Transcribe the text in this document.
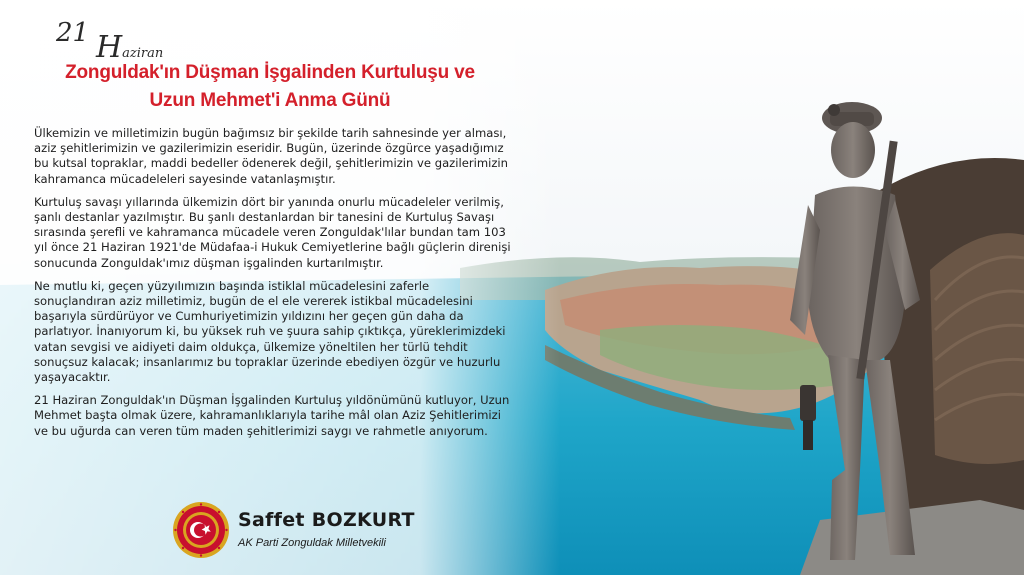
21 Haziran
Zonguldak'ın Düşman İşgalinden Kurtuluşu ve
Uzun Mehmet'i Anma Günü

Ülkemizin ve milletimizin bugün bağımsız bir şekilde tarih sahnesinde yer alması, aziz şehitlerimizin ve gazilerimizin eseridir. Bugün, üzerinde özgürce yaşadığımız bu kutsal topraklar, maddi bedeller ödenerek değil, şehitlerimizin ve gazilerimizin kahramanca mücadeleleri sayesinde vatanlaşmıştır.

Kurtuluş savaşı yıllarında ülkemizin dört bir yanında onurlu mücadeleler verilmiş, şanlı destanlar yazılmıştır. Bu şanlı destanlardan bir tanesini de Kurtuluş Savaşı sırasında şerefli ve kahramanca mücadele veren Zonguldak'lılar bundan tam 103 yıl önce 21 Haziran 1921'de Müdafaa-i Hukuk Cemiyetlerine bağlı güçlerin direnişi sonucunda Zonguldak'ımız düşman işgalinden kurtarılmıştır.

Ne mutlu ki, geçen yüzyılımızın başında istiklal mücadelesini zaferle sonuçlandıran aziz milletimiz, bugün de el ele vererek istikbal mücadelesini başarıyla sürdürüyor ve Cumhuriyetimizin yıldızını her geçen gün daha da parlatıyor. İnanıyorum ki, bu yüksek ruh ve şuura sahip çıktıkça, yüreklerimizdeki vatan sevgisi ve aidiyeti daim oldukça, ülkemize yöneltilen her türlü tehdit sonuçsuz kalacak; insanlarımız bu topraklar üzerinde ebediyen özgür ve huzurlu yaşayacaktır.

21 Haziran Zonguldak'ın Düşman İşgalinden Kurtuluş yıldönümünü kutluyor, Uzun Mehmet başta olmak üzere, kahramanlıklarıyla tarihe mâl olan Aziz Şehitlerimizi ve bu uğurda can veren tüm maden şehitlerimizi saygı ve rahmetle anıyorum.

Saffet BOZKURT
AK Parti Zonguldak Milletvekili
